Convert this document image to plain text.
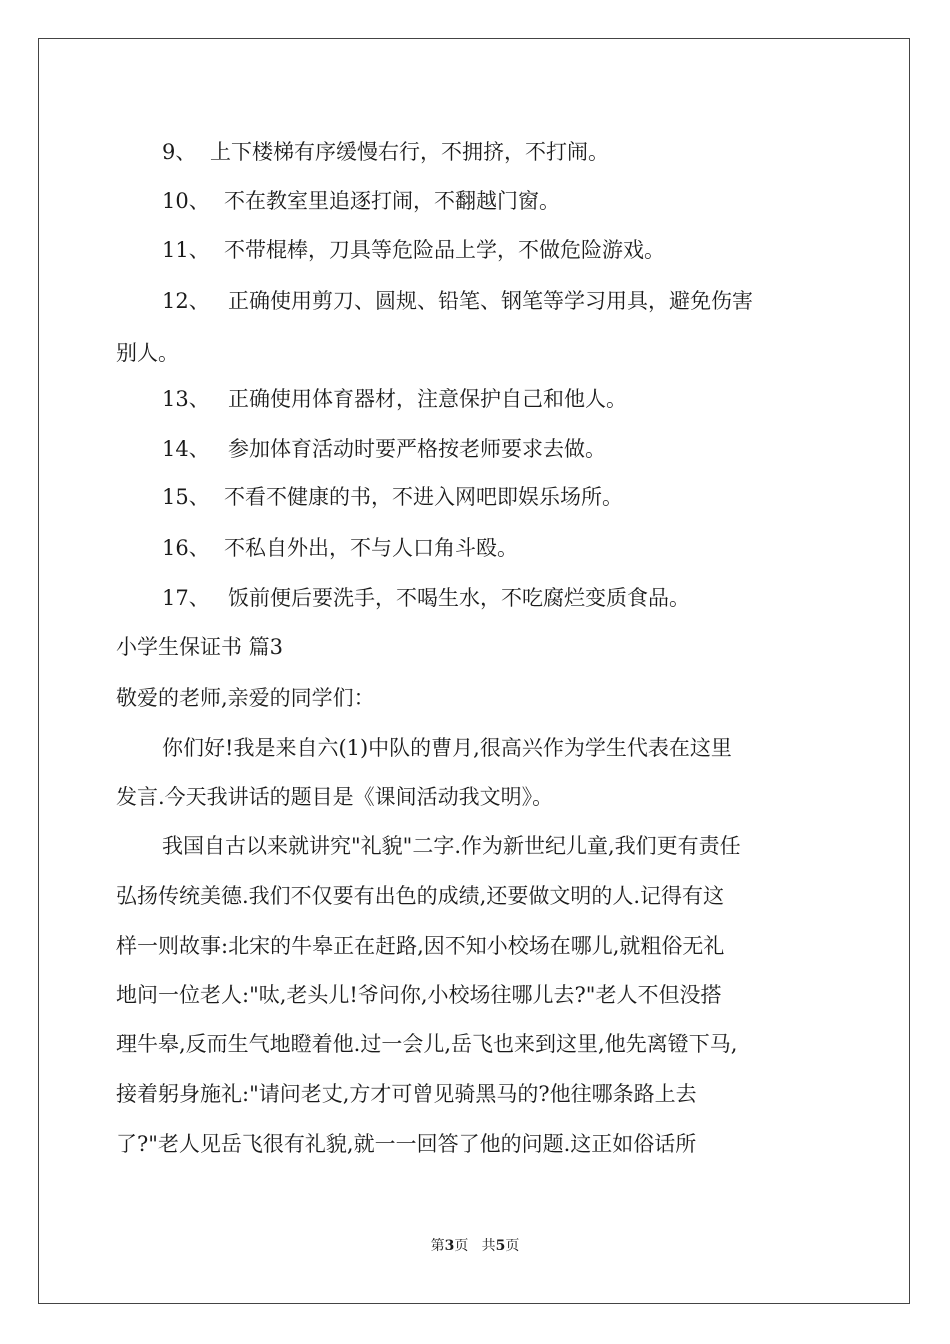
9、 上下楼梯有序缓慢右行，不拥挤，不打闹。
10、 不在教室里追逐打闹，不翻越门窗。
11、 不带棍棒，刀具等危险品上学，不做危险游戏。
12、 正确使用剪刀、圆规、铅笔、钢笔等学习用具，避免伤害
别人。
13、 正确使用体育器材，注意保护自己和他人。
14、 参加体育活动时要严格按老师要求去做。
15、 不看不健康的书，不进入网吧即娱乐场所。
16、 不私自外出，不与人口角斗殴。
17、 饭前便后要洗手，不喝生水，不吃腐烂变质食品。
小学生保证书 篇3
敬爱的老师,亲爱的同学们：
你们好!我是来自六(1)中队的曹月,很高兴作为学生代表在这里
发言.今天我讲话的题目是《课间活动我文明》。
我国自古以来就讲究"礼貌"二字.作为新世纪儿童,我们更有责任
弘扬传统美德.我们不仅要有出色的成绩,还要做文明的人.记得有这
样一则故事:北宋的牛皋正在赶路,因不知小校场在哪儿,就粗俗无礼
地问一位老人:"呔,老头儿!爷问你,小校场往哪儿去?"老人不但没搭
理牛皋,反而生气地瞪着他.过一会儿,岳飞也来到这里,他先离镫下马,
接着躬身施礼:"请问老丈,方才可曾见骑黑马的?他往哪条路上去
了?"老人见岳飞很有礼貌,就一一回答了他的问题.这正如俗话所
第3页 共5页
